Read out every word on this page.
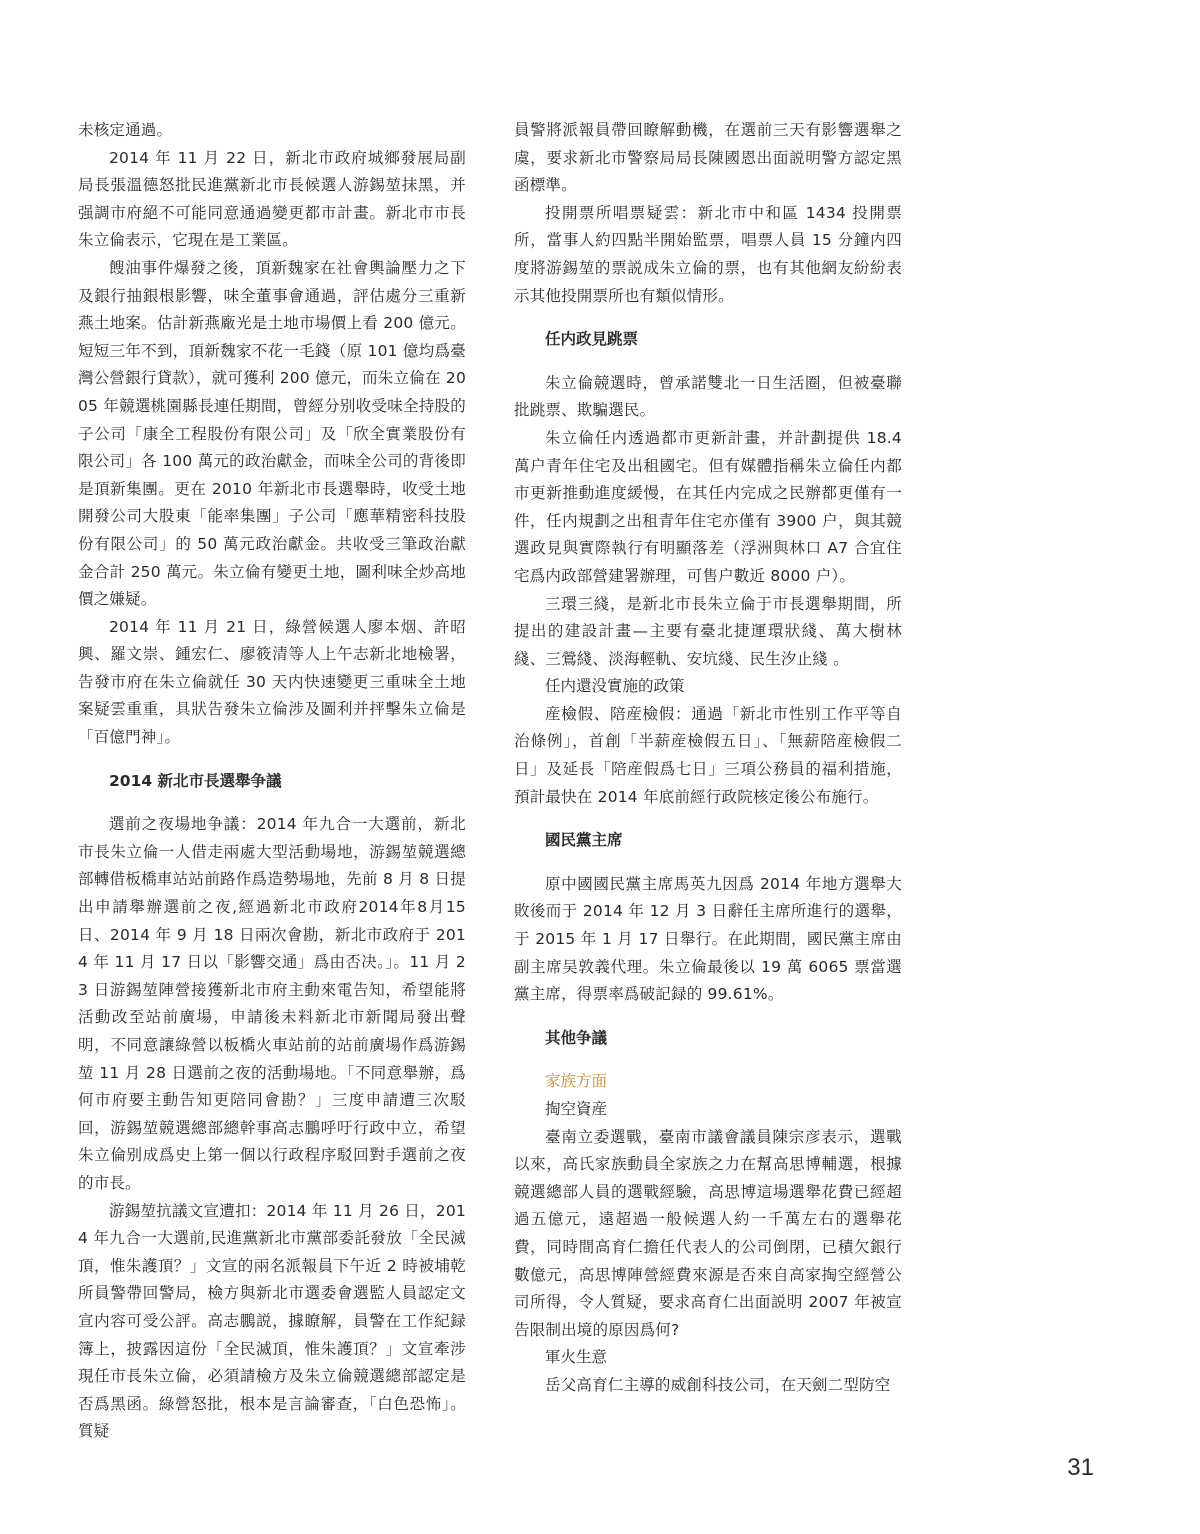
未核定通過。

2014 年 11 月 22 日，新北市政府城鄉發展局副局長張溫德怒批民進黨新北市長候選人游錫堃抹黑，并强調市府絕不可能同意通過變更都市計畫。新北市市長朱立倫表示，它現在是工業區。

餿油事件爆發之後，頂新魏家在社會輿論壓力之下及銀行抽銀根影響，味全董事會通過，評估處分三重新燕土地案。估計新燕廠光是土地市場價上看 200 億元。短短三年不到，頂新魏家不花一毛錢（原 101 億均爲臺灣公營銀行貸款），就可獲利 200 億元，而朱立倫在 2005 年競選桃園縣長連任期間，曾經分别收受味全持股的子公司「康全工程股份有限公司」及「欣全實業股份有限公司」各 100 萬元的政治獻金，而味全公司的背後即是頂新集團。更在 2010 年新北市長選舉時，收受土地開發公司大股東「能率集團」子公司「應華精密科技股份有限公司」的 50 萬元政治獻金。共收受三筆政治獻金合計 250 萬元。朱立倫有變更土地，圖利味全炒高地價之嫌疑。

2014 年 11 月 21 日，綠營候選人廖本烟、許昭興、羅文崇、鍾宏仁、廖筱清等人上午志新北地檢署，告發市府在朱立倫就任 30 天内快速變更三重味全土地案疑雲重重，具狀告發朱立倫涉及圖利并抨擊朱立倫是「百億門神」。

2014 新北市長選舉争議

選前之夜場地争議：2014 年九合一大選前，新北市長朱立倫一人借走兩處大型活動場地，游錫堃競選總部轉借板橋車站站前路作爲造勢場地，先前 8 月 8 日提出申請舉辦選前之夜,經過新北市政府2014年8月15日、2014 年 9 月 18 日兩次會勘，新北市政府于 2014 年 11 月 17 日以「影響交通」爲由否决。」。11 月 23 日游錫堃陣營接獲新北市府主動來電告知，希望能將活動改至站前廣場，申請後未料新北市新聞局發出聲明，不同意讓綠營以板橋火車站前的站前廣場作爲游錫堃 11 月 28 日選前之夜的活動場地。「不同意舉辦，爲何市府要主動告知更陪同會勘？」三度申請遭三次駁回，游錫堃競選總部總幹事高志鵬呼吁行政中立，希望朱立倫别成爲史上第一個以行政程序駁回對手選前之夜的市長。

游錫堃抗議文宣遭扣：2014 年 11 月 26 日，2014 年九合一大選前,民進黨新北市黨部委託發放「全民滅頂，惟朱護頂？」文宣的兩名派報員下午近 2 時被埔乾所員警帶回警局，檢方與新北市選委會選監人員認定文宣内容可受公評。高志鵬説，據瞭解，員警在工作紀録簿上，披露因這份「全民滅頂，惟朱護頂？」文宣牽涉現任市長朱立倫，必須請檢方及朱立倫競選總部認定是否爲黑函。綠營怒批，根本是言論審查，「白色恐怖」。質疑

員警將派報員帶回瞭解動機，在選前三天有影響選舉之虞，要求新北市警察局局長陳國恩出面説明警方認定黑函標準。

投開票所唱票疑雲：新北市中和區 1434 投開票所，當事人約四點半開始監票，唱票人員 15 分鐘内四度將游錫堃的票説成朱立倫的票，也有其他網友紛紛表示其他投開票所也有類似情形。

任内政見跳票

朱立倫競選時，曾承諾雙北一日生活圈，但被臺聯批跳票、欺騙選民。

朱立倫任内透過都市更新計畫，并計劃提供 18.4 萬户青年住宅及出租國宅。但有媒體指稱朱立倫任内都市更新推動進度緩慢，在其任内完成之民辦都更僅有一件，任内規劃之出租青年住宅亦僅有 3900 户，與其競選政見與實際執行有明顯落差（浮洲與林口 A7 合宜住宅爲内政部營建署辦理，可售户數近 8000 户）。

三環三綫，是新北市長朱立倫于市長選舉期間，所提出的建設計畫—主要有臺北捷運環狀綫、萬大樹林綫、三鶯綫、淡海輕軌、安坑綫、民生汐止綫 。

任内還没實施的政策

産檢假、陪産檢假：通過「新北市性别工作平等自治條例」，首創「半薪産檢假五日」、「無薪陪産檢假二日」及延長「陪産假爲七日」三項公務員的福利措施，預計最快在 2014 年底前經行政院核定後公布施行。

國民黨主席

原中國國民黨主席馬英九因爲 2014 年地方選舉大敗後而于 2014 年 12 月 3 日辭任主席所進行的選舉，于 2015 年 1 月 17 日舉行。在此期間，國民黨主席由副主席吴敦義代理。朱立倫最後以 19 萬 6065 票當選黨主席，得票率爲破記録的 99.61%。

其他争議

家族方面

掏空資産

臺南立委選戰，臺南市議會議員陳宗彦表示，選戰以來，高氏家族動員全家族之力在幫高思博輔選，根據競選總部人員的選戰經驗，高思博這場選舉花費已經超過五億元，遠超過一般候選人約一千萬左右的選舉花費，同時間高育仁擔任代表人的公司倒閉，已積欠銀行數億元，高思博陣營經費來源是否來自高家掏空經營公司所得，令人質疑，要求高育仁出面説明 2007 年被宣告限制出境的原因爲何?

軍火生意

岳父高育仁主導的威創科技公司，在天劍二型防空

31
